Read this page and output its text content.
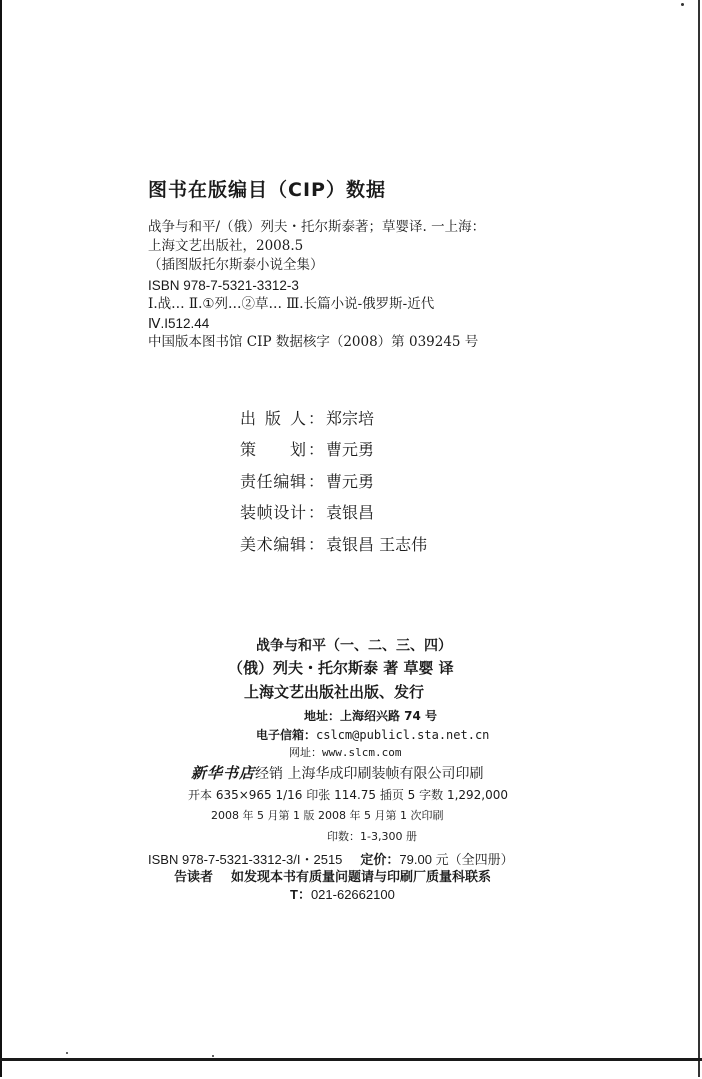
图书在版编目（CIP）数据
战争与和平/（俄）列夫・托尔斯泰著；草婴译. 一上海：
上海文艺出版社，2008.5
（插图版托尔斯泰小说全集）
ISBN 978-7-5321-3312-3
Ⅰ.战… Ⅱ.①列…②草… Ⅲ.长篇小说-俄罗斯-近代
Ⅳ.I512.44
中国版本图书馆 CIP 数据核字（2008）第 039245 号
出 版 人 ： 郑宗培
策 划 ： 曹元勇
责 任 编 辑 ： 曹元勇
装 帧 设 计 ： 袁银昌
美 术 编 辑 ： 袁银昌 王志伟
战争与和平（一、二、三、四）
（俄）列夫・托尔斯泰 著 草婴 译
上海文艺出版社出版、发行
地址：上海绍兴路 74 号
电子信箱：cslcm@publicl.sta.net.cn
网址：www.slcm.com
新华书店经销 上海华成印刷装帧有限公司印刷
开本 635×965 1/16 印张 114.75 插页 5 字数 1,292,000
2008 年 5 月第 1 版 2008 年 5 月第 1 次印刷
印数：1-3,300 册
ISBN 978-7-5321-3312-3/I・2515 定价：79.00 元（全四册）
告读者 如发现本书有质量问题请与印刷厂质量科联系
T：021-62662100
